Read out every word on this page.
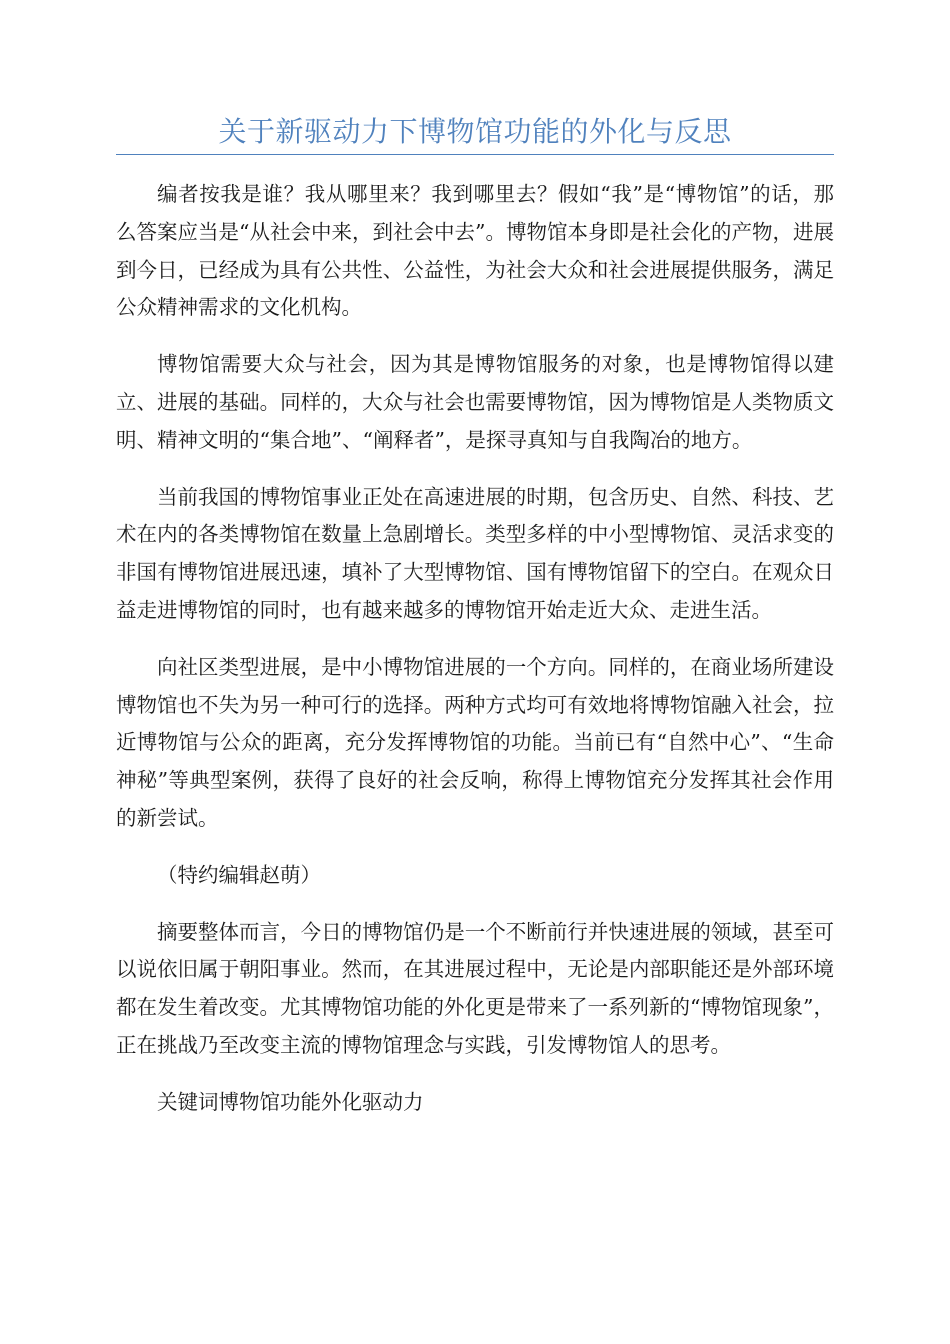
关于新驱动力下博物馆功能的外化与反思

编者按我是谁？我从哪里来？我到哪里去？假如“我”是“博物馆”的话，那么答案应当是“从社会中来，到社会中去”。博物馆本身即是社会化的产物，进展到今日，已经成为具有公共性、公益性，为社会大众和社会进展提供服务，满足公众精神需求的文化机构。

博物馆需要大众与社会，因为其是博物馆服务的对象，也是博物馆得以建立、进展的基础。同样的，大众与社会也需要博物馆，因为博物馆是人类物质文明、精神文明的“集合地”、“阐释者”，是探寻真知与自我陶冶的地方。

当前我国的博物馆事业正处在高速进展的时期，包含历史、自然、科技、艺术在内的各类博物馆在数量上急剧增长。类型多样的中小型博物馆、灵活求变的非国有博物馆进展迅速，填补了大型博物馆、国有博物馆留下的空白。在观众日益走进博物馆的同时，也有越来越多的博物馆开始走近大众、走进生活。

向社区类型进展，是中小博物馆进展的一个方向。同样的，在商业场所建设博物馆也不失为另一种可行的选择。两种方式均可有效地将博物馆融入社会，拉近博物馆与公众的距离，充分发挥博物馆的功能。当前已有“自然中心”、“生命神秘”等典型案例，获得了良好的社会反响，称得上博物馆充分发挥其社会作用的新尝试。

（特约编辑赵萌）

摘要整体而言，今日的博物馆仍是一个不断前行并快速进展的领域，甚至可以说依旧属于朝阳事业。然而，在其进展过程中，无论是内部职能还是外部环境都在发生着改变。尤其博物馆功能的外化更是带来了一系列新的“博物馆现象”，正在挑战乃至改变主流的博物馆理念与实践，引发博物馆人的思考。

关键词博物馆功能外化驱动力
